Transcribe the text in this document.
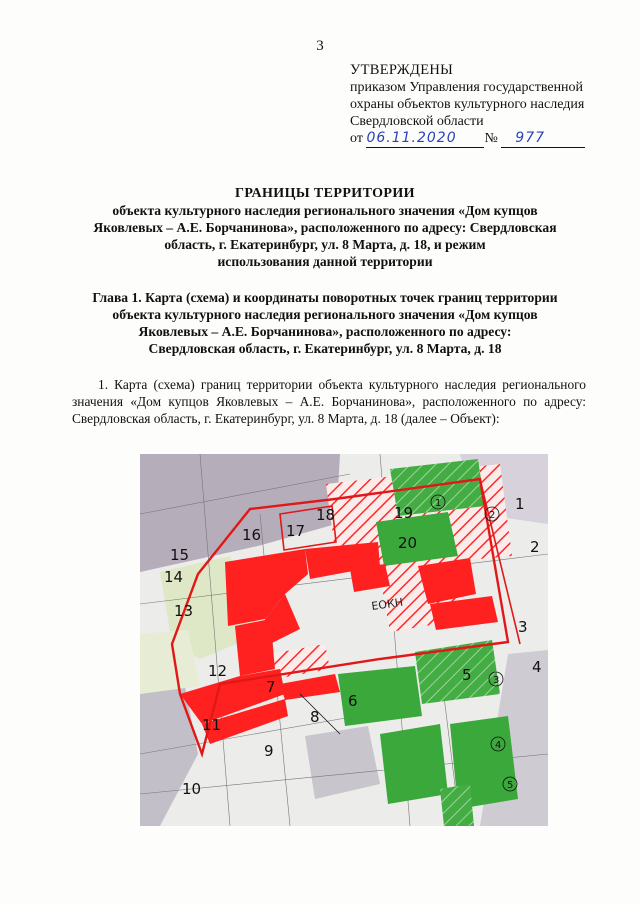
3
УТВЕРЖДЕНЫ
приказом Управления государственной
охраны объектов культурного наследия
Свердловской области
от 06.11.2020 № 977
ГРАНИЦЫ ТЕРРИТОРИИ
объекта культурного наследия регионального значения «Дом купцов
Яковлевых – А.Е. Борчанинова», расположенного по адресу: Свердловская
область, г. Екатеринбург, ул. 8 Марта, д. 18, и режим
использования данной территории
Глава 1. Карта (схема) и координаты поворотных точек границ территории
объекта культурного наследия регионального значения «Дом купцов
Яковлевых – А.Е. Борчанинова», расположенного по адресу:
Свердловская область, г. Екатеринбург, ул. 8 Марта, д. 18

1. Карта (схема) границ территории объекта культурного наследия регионального значения «Дом купцов Яковлевых – А.Е. Борчанинова», расположенного по адресу: Свердловская область, г. Екатеринбург, ул. 8 Марта, д. 18 (далее – Объект):

1
2
3
4
5
6
7
8
9
10
11
12
13
14
15
16 17
18	19
20
ЕОКН
1
2
3
4
5
